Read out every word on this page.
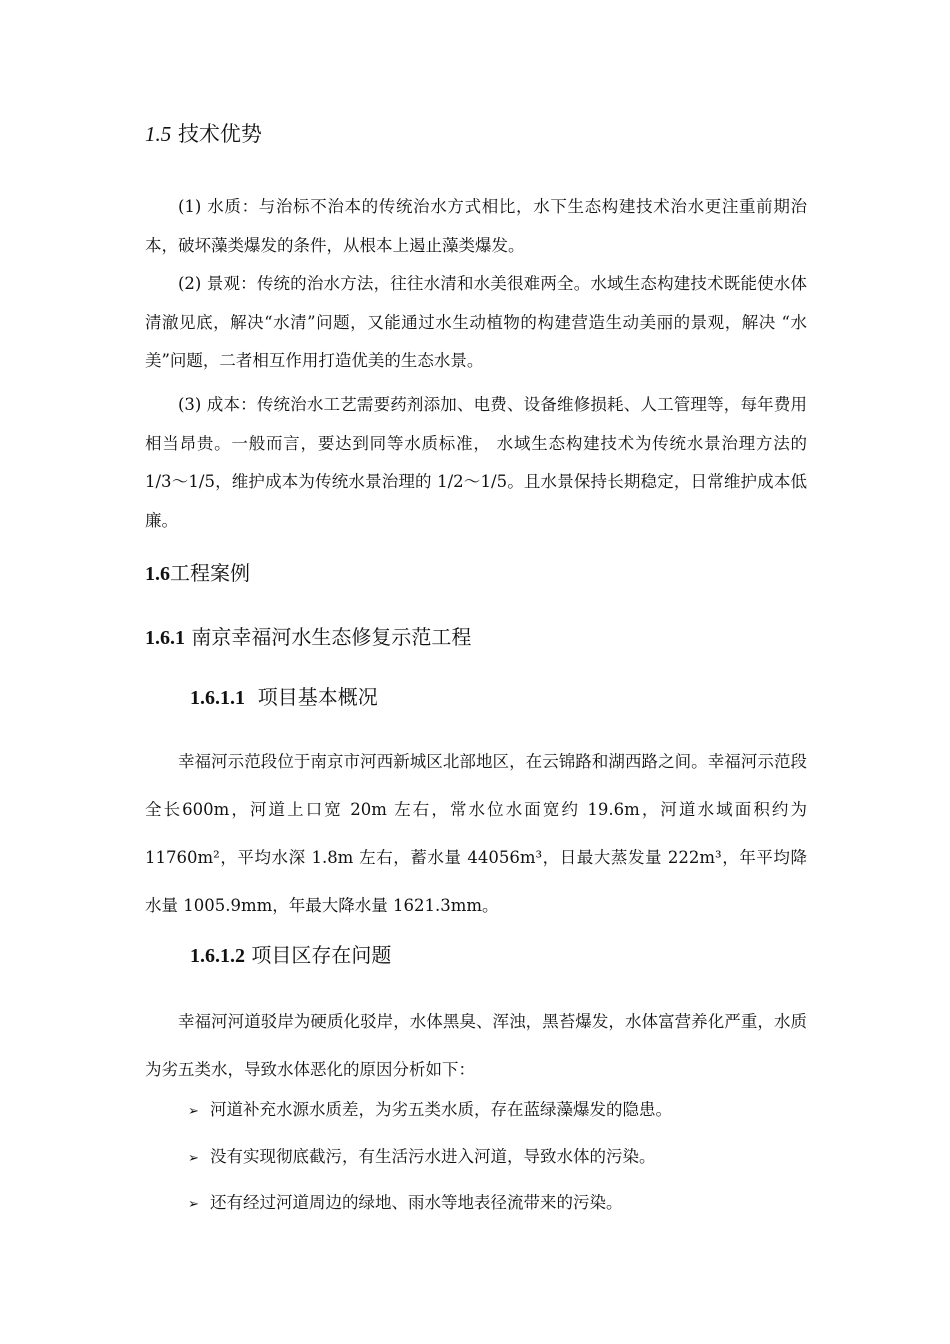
1.5 技术优势

(1) 水质：与治标不治本的传统治水方式相比，水下生态构建技术治水更注重前期治本，破坏藻类爆发的条件，从根本上遏止藻类爆发。

(2) 景观：传统的治水方法，往往水清和水美很难两全。水域生态构建技术既能使水体清澈见底，解决“水清”问题，又能通过水生动植物的构建营造生动美丽的景观，解决 “水美”问题，二者相互作用打造优美的生态水景。

(3) 成本：传统治水工艺需要药剂添加、电费、设备维修损耗、人工管理等，每年费用相当昂贵。一般而言，要达到同等水质标准， 水域生态构建技术为传统水景治理方法的 1/3～1/5，维护成本为传统水景治理的 1/2～1/5。且水景保持长期稳定，日常维护成本低廉。

1.6工程案例
1.6.1 南京幸福河水生态修复示范工程
1.6.1.1 项目基本概况

幸福河示范段位于南京市河西新城区北部地区，在云锦路和湖西路之间。幸福河示范段全长600m，河道上口宽 20m 左右，常水位水面宽约 19.6m，河道水域面积约为 11760m²，平均水深 1.8m 左右，蓄水量 44056m³，日最大蒸发量 222m³，年平均降水量 1005.9mm，年最大降水量 1621.3mm。

1.6.1.2 项目区存在问题

幸福河河道驳岸为硬质化驳岸，水体黑臭、浑浊，黑苔爆发，水体富营养化严重，水质为劣五类水，导致水体恶化的原因分析如下：

➢ 河道补充水源水质差，为劣五类水质，存在蓝绿藻爆发的隐患。
➢ 没有实现彻底截污，有生活污水进入河道，导致水体的污染。
➢ 还有经过河道周边的绿地、雨水等地表径流带来的污染。
